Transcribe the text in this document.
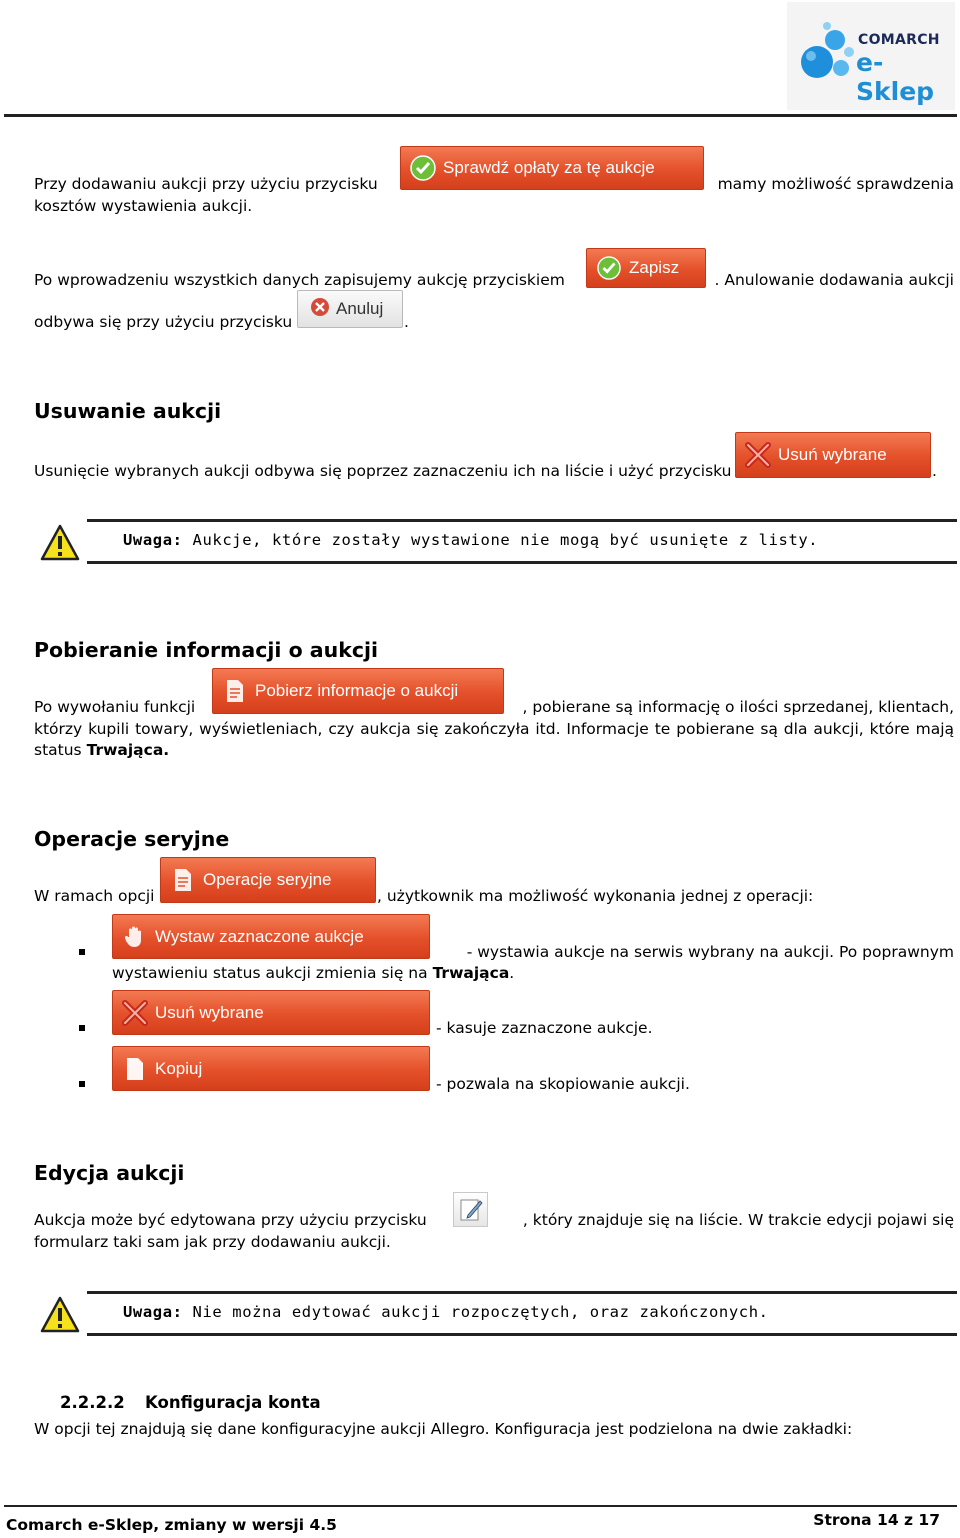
COMARCH
e-Sklep
Przy dodawaniu aukcji przy użyciu przycisku
Sprawdź opłaty za tę aukcje
mamy możliwość sprawdzenia
kosztów wystawienia aukcji.
Po wprowadzeniu wszystkich danych zapisujemy aukcję przyciskiem
Zapisz
. Anulowanie dodawania aukcji
odbywa się przy użyciu przycisku
Anuluj
.
Usuwanie aukcji
Usunięcie wybranych aukcji odbywa się poprzez zaznaczeniu ich na liście i użyć przycisku
Usuń wybrane
.
Uwaga: Aukcje, które zostały wystawione nie mogą być usunięte z listy.
Pobieranie informacji o aukcji
Po wywołaniu funkcji
Pobierz informacje o aukcji
, pobierane są informację o ilości sprzedanej, klientach,
którzy kupili towary, wyświetleniach, czy aukcja się zakończyła itd. Informacje te pobierane są dla aukcji, które mają
status Trwająca.
Operacje seryjne
W ramach opcji
Operacje seryjne
, użytkownik ma możliwość wykonania jednej z operacji:
Wystaw zaznaczone aukcje
- wystawia aukcje na serwis wybrany na aukcji. Po poprawnym
wystawieniu status aukcji zmienia się na Trwająca.
Usuń wybrane
- kasuje zaznaczone aukcje.
Kopiuj
- pozwala na skopiowanie aukcji.
Edycja aukcji
Aukcja może być edytowana przy użyciu przycisku	, który znajduje się na liście. W trakcie edycji pojawi się
formularz taki sam jak przy dodawaniu aukcji.
Uwaga: Nie można edytować aukcji rozpoczętych, oraz zakończonych.
2.2.2.2 Konfiguracja konta
W opcji tej znajdują się dane konfiguracyjne aukcji Allegro. Konfiguracja jest podzielona na dwie zakładki:
Comarch e-Sklep, zmiany w wersji 4.5	Strona 14 z 17
